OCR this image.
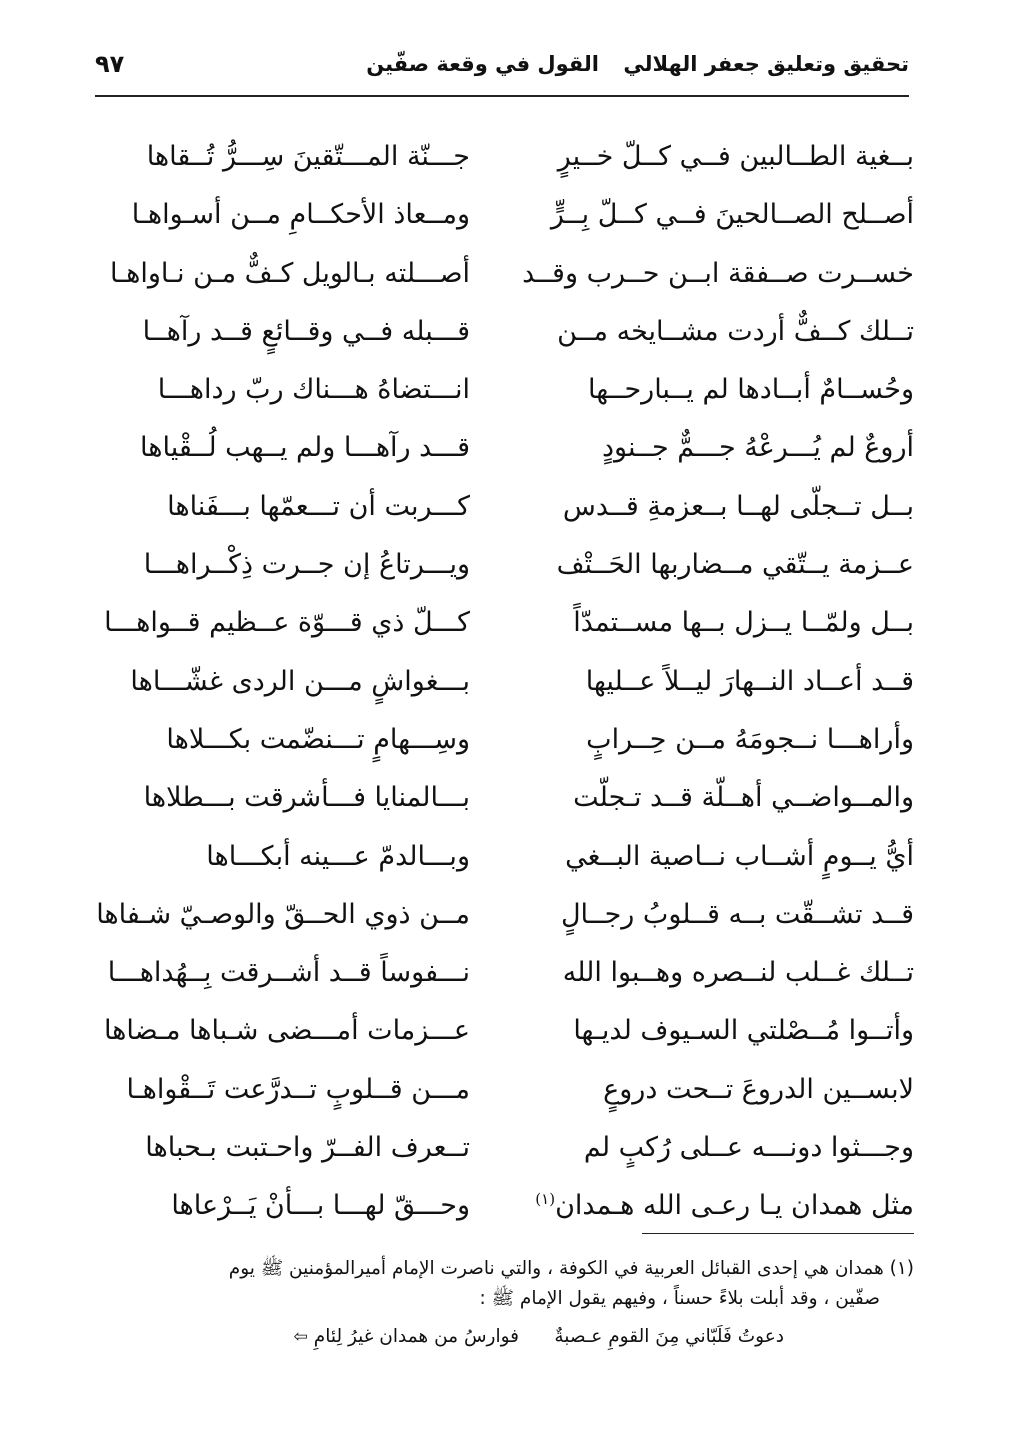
تحقيق وتعليق جعفر الهلالي
القول في وقعة صفّين
٩٧
بــغية الطــالبين فــي كــلّ خــيرٍ
جـــنّة المـــتّقينَ سِـــرُّ تُــقاها
أصــلح الصــالحينَ فــي كــلّ بِــرٍّ
ومــعاذ الأحكــامِ مــن أسـواهـا
خســرت صــفقة ابــن حــرب وقــد
أصـــلته بـالويل كـفٌّ مـن نـاواهـا
تــلك كــفٌّ أردت مشــايخه مــن
قـــبله فــي وقــائعٍ قــد رآهــا
وحُســامٌ أبــادها لم يــبارحــها
انـــتضاهُ هـــناك ربّ رداهـــا
أروعٌ لم يُـــرعْهُ جـــمٌّ جــنودٍ
قـــد رآهـــا ولم يــهب لُــقْياها
بــل تــجلّى لهــا بــعزمةِ قــدس
كـــربت أن تـــعمّها بـــفَناها
عــزمة يــتّقي مــضاربها الحَــتْف
ويـــرتاعُ إن جــرت ذِكْــراهـــا
بــل ولمّــا يــزل بــها مســتمدّاً
كـــلّ ذي قـــوّة عــظيم قــواهـــا
قــد أعــاد النــهارَ ليــلاً عــليها
بـــغواشٍ مـــن الردى غشّـــاها
وأراهـــا نــجومَهُ مــن حِــرابٍ
وسِـــهامٍ تـــنضّمت بكـــلاها
والمــواضــي أهــلّة قــد تـجلّت
بـــالمنايا فـــأشرقت بـــطلاها
أيُّ يــومٍ أشــاب نــاصية البــغي
وبـــالدمّ عـــينه أبكـــاها
قــد تشــقّت بــه قــلوبُ رجــالٍ
مــن ذوي الحــقّ والوصـيّ شـفاها
تــلك غــلب لنــصره وهــبوا الله
نـــفوساً قــد أشــرقت بِــهُداهـــا
وأتــوا مُــصْلتي السـيوف لديـها
عـــزمات أمـــضى شـباها مـضاها
لابســين الدروعَ تــحت دروعٍ
مـــن قــلوبٍ تــدرَّعت تَــقْواهـا
وجـــثوا دونـــه عــلى رُكبٍ لم
تــعرف الفــرّ واحـتبت بـحباها
مثل همدان يـا رعـى الله هـمدان$^{(١)}$
وحـــقّ لهـــا بـــأنْ يَــرْعاها
(١) همدان هي إحدى القبائل العربية في الكوفة ، والتي ناصرت الإمام أميرالمؤمنين ﷺ يوم
صفّين ، وقد أبلت بلاءً حسناً ، وفيهم يقول الإمام ﷺ :
دعوتُ فَلَبّاني مِنَ القومِ عـصبةٌ
فوارسُ من همدان غيرُ لِئامِ⇦
